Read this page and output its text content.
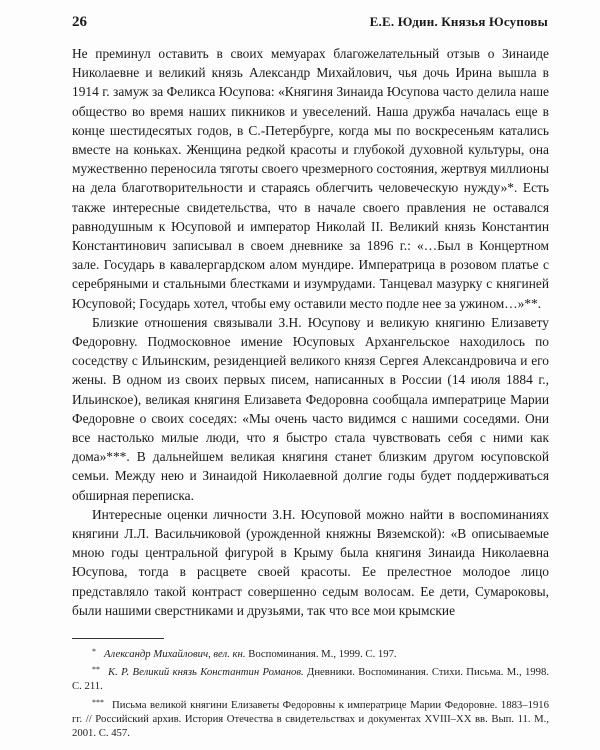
26	Е.Е. Юдин. Князья Юсуповы

Не преминул оставить в своих мемуарах благожелательный отзыв о Зинаиде Николаевне и великий князь Александр Михайлович, чья дочь Ирина вышла в 1914 г. замуж за Феликса Юсупова: «Княгиня Зинаида Юсупова часто делила наше общество во время наших пикников и увеселений. Наша дружба началась еще в конце шестидесятых годов, в С.-Петербурге, когда мы по воскресеньям катались вместе на коньках. Женщина редкой красоты и глубокой духовной культуры, она мужественно переносила тяготы своего чрезмерного состояния, жертвуя миллионы на дела благотворительности и стараясь облегчить человеческую нужду»*. Есть также интересные свидетельства, что в начале своего правления не оставался равнодушным к Юсуповой и император Николай II. Великий князь Константин Константинович записывал в своем дневнике за 1896 г.: «…Был в Концертном зале. Государь в кавалергардском алом мундире. Императрица в розовом платье с серебряными и стальными блестками и изумрудами. Танцевал мазурку с княгиней Юсуповой; Государь хотел, чтобы ему оставили место подле нее за ужином…»**.

Близкие отношения связывали З.Н. Юсупову и великую княгиню Елизавету Федоровну. Подмосковное имение Юсуповых Архангельское находилось по соседству с Ильинским, резиденцией великого князя Сергея Александровича и его жены. В одном из своих первых писем, написанных в России (14 июля 1884 г., Ильинское), великая княгиня Елизавета Федоровна сообщала императрице Марии Федоровне о своих соседях: «Мы очень часто видимся с нашими соседями. Они все настолько милые люди, что я быстро стала чувствовать себя с ними как дома»***. В дальнейшем великая княгиня станет близким другом юсуповской семьи. Между нею и Зинаидой Николаевной долгие годы будет поддерживаться обширная переписка.

Интересные оценки личности З.Н. Юсуповой можно найти в воспоминаниях княгини Л.Л. Васильчиковой (урожденной княжны Вяземской): «В описываемые мною годы центральной фигурой в Крыму была княгиня Зинаида Николаевна Юсупова, тогда в расцвете своей красоты. Ее прелестное молодое лицо представляло такой контраст совершенно седым волосам. Ее дети, Сумароковы, были нашими сверстниками и друзьями, так что все мои крымские

* Александр Михайлович, вел. кн. Воспоминания. М., 1999. С. 197.

** К. Р. Великий князь Константин Романов. Дневники. Воспоминания. Стихи. Письма. М., 1998. С. 211.

*** Письма великой княгини Елизаветы Федоровны к императрице Марии Федоровне. 1883–1916 гг. // Российский архив. История Отечества в свидетельствах и документах XVIII–XX вв. Вып. 11. М., 2001. С. 457.
